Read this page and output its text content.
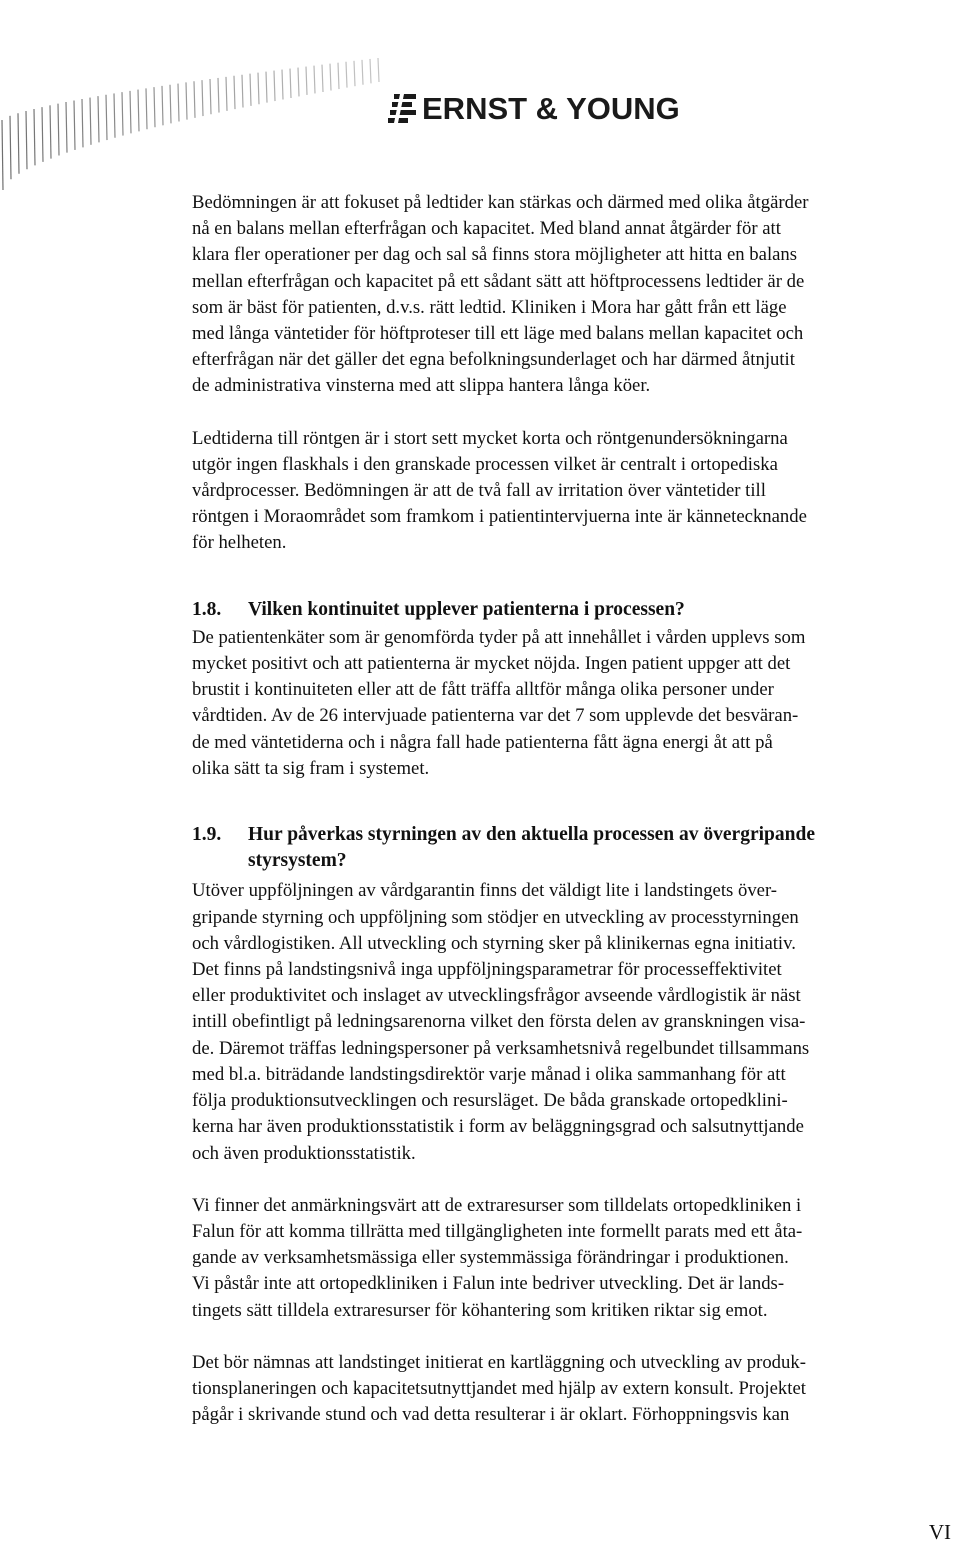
ERNST & YOUNG

Bedömningen är att fokuset på ledtider kan stärkas och därmed med olika åtgärder
nå en balans mellan efterfrågan och kapacitet. Med bland annat åtgärder för att
klara fler operationer per dag och sal så finns stora möjligheter att hitta en balans
mellan efterfrågan och kapacitet på ett sådant sätt att höftprocessens ledtider är de
som är bäst för patienten, d.v.s. rätt ledtid. Kliniken i Mora har gått från ett läge
med långa väntetider för höftproteser till ett läge med balans mellan kapacitet och
efterfrågan när det gäller det egna befolkningsunderlaget och har därmed åtnjutit
de administrativa vinsterna med att slippa hantera långa köer.

Ledtiderna till röntgen är i stort sett mycket korta och röntgenundersökningarna
utgör ingen flaskhals i den granskade processen vilket är centralt i ortopediska
vårdprocesser. Bedömningen är att de två fall av irritation över väntetider till
röntgen i Moraområdet som framkom i patientintervjuerna inte är kännetecknande
för helheten.

1.8.	Vilken kontinuitet upplever patienterna i processen?

De patientenkäter som är genomförda tyder på att innehållet i vården upplevs som
mycket positivt och att patienterna är mycket nöjda. Ingen patient uppger att det
brustit i kontinuiteten eller att de fått träffa alltför många olika personer under
vårdtiden. Av de 26 intervjuade patienterna var det 7 som upplevde det besväran-
de med väntetiderna och i några fall hade patienterna fått ägna energi åt att på
olika sätt ta sig fram i systemet.

1.9.	Hur påverkas styrningen av den aktuella processen av övergripande
styrsystem?

Utöver uppföljningen av vårdgarantin finns det väldigt lite i landstingets över-
gripande styrning och uppföljning som stödjer en utveckling av processtyrningen
och vårdlogistiken. All utveckling och styrning sker på klinikernas egna initiativ.
Det finns på landstingsnivå inga uppföljningsparametrar för processeffektivitet
eller produktivitet och inslaget av utvecklingsfrågor avseende vårdlogistik är näst
intill obefintligt på ledningsarenorna vilket den första delen av granskningen visa-
de. Däremot träffas ledningspersoner på verksamhetsnivå regelbundet tillsammans
med bl.a. biträdande landstingsdirektör varje månad i olika sammanhang för att
följa produktionsutvecklingen och resursläget. De båda granskade ortopedklini-
kerna har även produktionsstatistik i form av beläggningsgrad och salsutnyttjande
och även produktionsstatistik.

Vi finner det anmärkningsvärt att de extraresurser som tilldelats ortopedkliniken i
Falun för att komma tillrätta med tillgängligheten inte formellt parats med ett åta-
gande av verksamhetsmässiga eller systemmässiga förändringar i produktionen.
Vi påstår inte att ortopedkliniken i Falun inte bedriver utveckling. Det är lands-
tingets sätt tilldela extraresurser för köhantering som kritiken riktar sig emot.

Det bör nämnas att landstinget initierat en kartläggning och utveckling av produk-
tionsplaneringen och kapacitetsutnyttjandet med hjälp av extern konsult. Projektet
pågår i skrivande stund och vad detta resulterar i är oklart. Förhoppningsvis kan

VI
